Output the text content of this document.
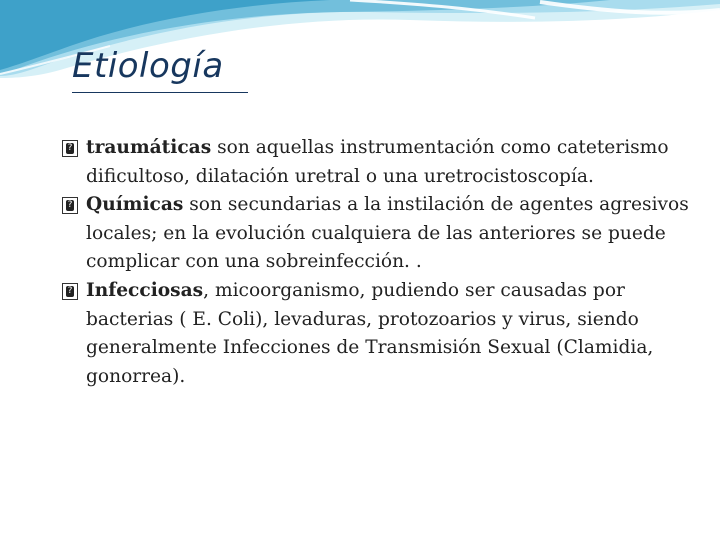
Etiología
?
traumáticas son aquellas instrumentación como cateterismo dificultoso, dilatación uretral o una uretrocistoscopía.
?
Químicas son secundarias a la instilación de agentes agresivos locales; en la evolución cualquiera de las anteriores se puede complicar con una sobreinfección. .
?
Infecciosas, micoorganismo, pudiendo ser causadas por bacterias ( E. Coli), levaduras, protozoarios y virus, siendo generalmente Infecciones de Transmisión Sexual (Clamidia, gonorrea).
